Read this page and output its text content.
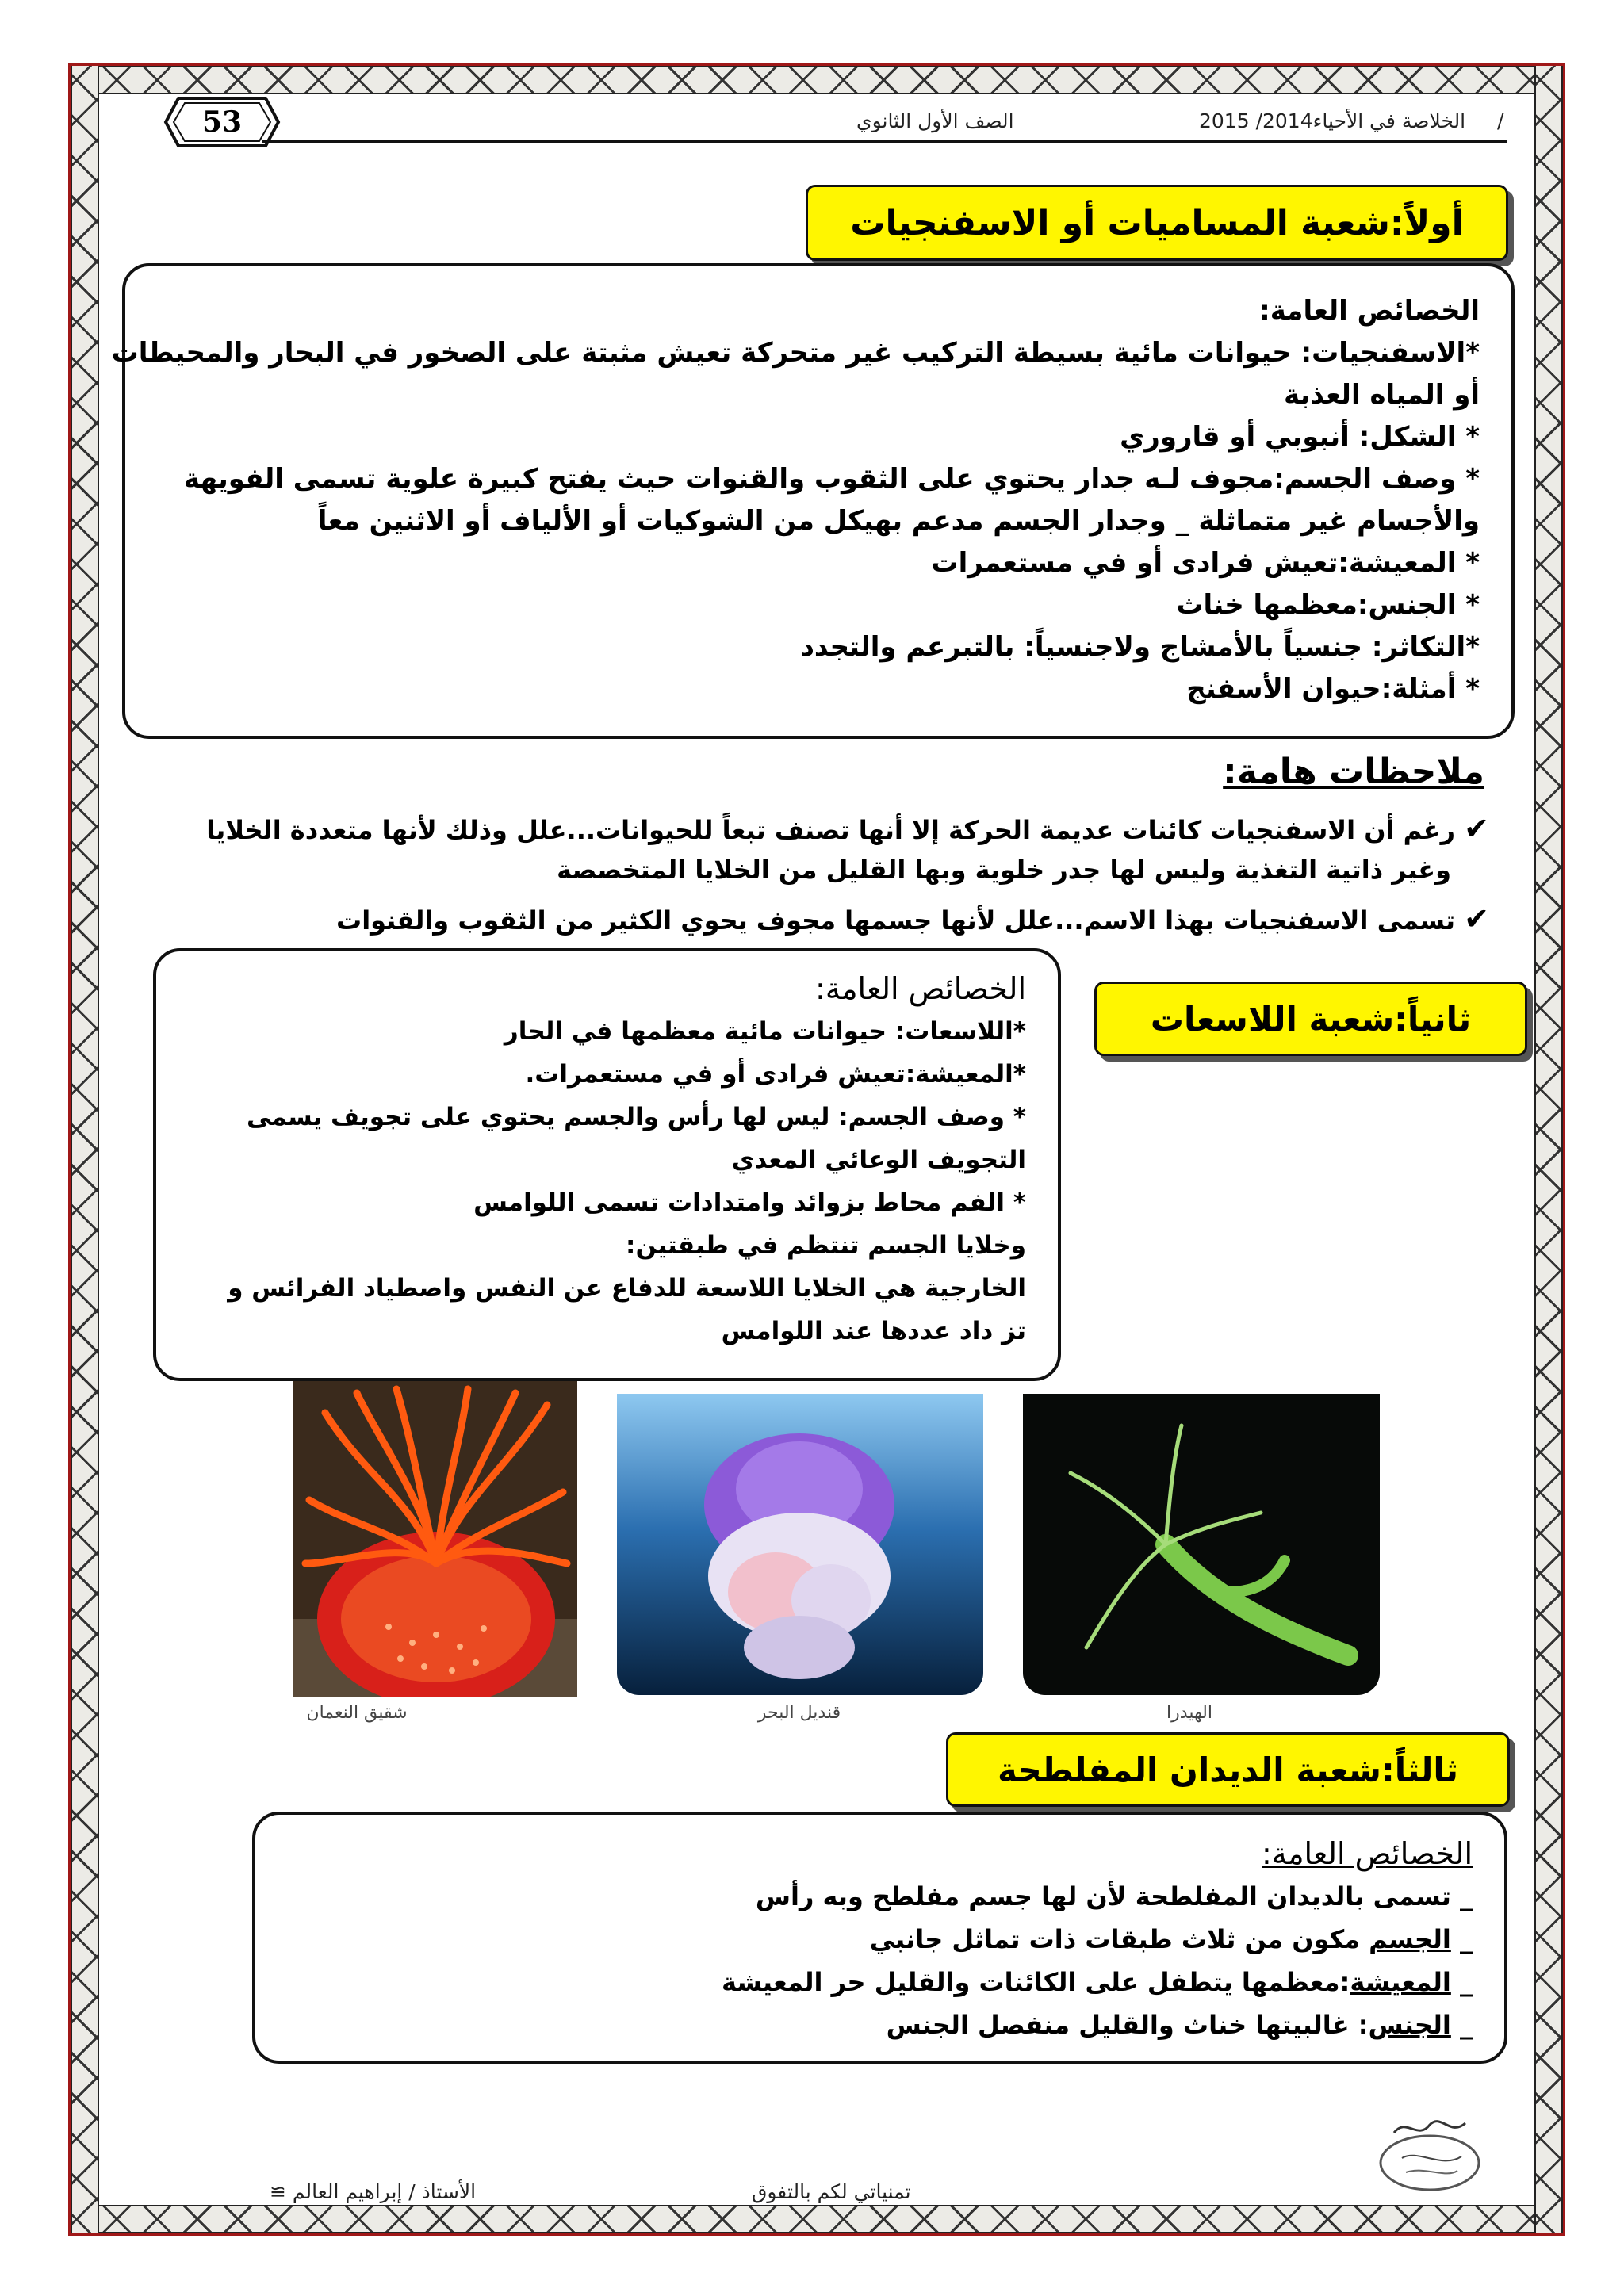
53	الصف الأول الثانوي	الخلاصة في الأحياء2014/ 2015 /
أولاً:شعبة المساميات أو الاسفنجيات
الخصائص العامة:
*الاسفنجيات: حيوانات مائية بسيطة التركيب غير متحركة تعيش مثبتة على الصخور في البحار والمحيطات
أو المياه العذبة
* الشكل: أنبوبي أو قاروري
* وصف الجسم:مجوف لـه جدار يحتوي على الثقوب والقنوات حيث يفتح كبيرة علوية تسمى الفويهة
والأجسام غير متماثلة _ وجدار الجسم مدعم بهيكل من الشوكيات أو الألياف أو الاثنين معاً
* المعيشة:تعيش فرادى أو في مستعمرات
* الجنس:معظمها خناث
*التكاثر: جنسياً بالأمشاج ولاجنسياً: بالتبرعم والتجدد
* أمثلة:حيوان الأسفنج
ملاحظات هامة:
✔ رغم أن الاسفنجيات كائنات عديمة الحركة إلا أنها تصنف تبعاً للحيوانات...علل وذلك لأنها متعددة الخلايا
وغير ذاتية التغذية وليس لها جدر خلوية وبها القليل من الخلايا المتخصصة
✔ تسمى الاسفنجيات بهذا الاسم...علل لأنها جسمها مجوف يحوي الكثير من الثقوب والقنوات
ثانياً:شعبة اللاسعات
الخصائص العامة:
*اللاسعات: حيوانات مائية معظمها في الحار
*المعيشة:تعيش فرادى أو في مستعمرات.
* وصف الجسم: ليس لها رأس والجسم يحتوي على تجويف يسمى
التجويف الوعائي المعدي
* الفم محاط بزوائد وامتدادات تسمى اللوامس
وخلايا الجسم تنتظم في طبقتين:
الخارجية هي الخلايا اللاسعة للدفاع عن النفس واصطياد الفرائس و
تز داد عددها عند اللوامس
شقيق النعمان	قنديل البحر	الهيدرا
ثالثاً:شعبة الديدان المفلطحة
الخصائص العامة:
_ تسمى بالديدان المفلطحة لأن لها جسم مفلطح وبه رأس
_ الجسم مكون من ثلاث طبقات ذات تماثل جانبي
_ المعيشة:معظمها يتطفل على الكائنات والقليل حر المعيشة
_ الجنس: غالبيتها خناث والقليل منفصل الجنس
الأستاذ / إبراهيم العالم ≅	تمنياتي لكم بالتفوق
